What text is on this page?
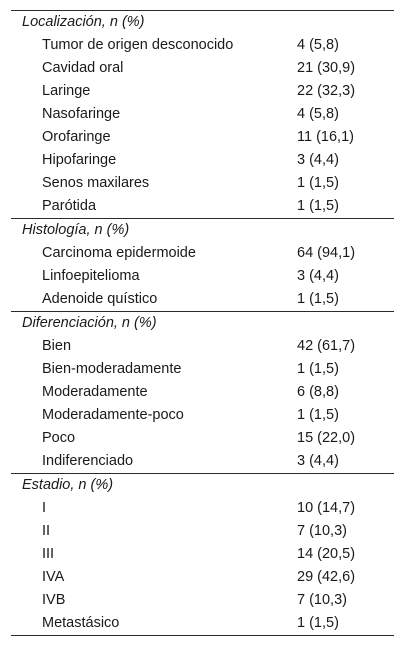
Localización, n (%)
Tumor de origen desconocido	4 (5,8)
Cavidad oral	21 (30,9)
Laringe	22 (32,3)
Nasofaringe	4 (5,8)
Orofaringe	11 (16,1)
Hipofaringe	3 (4,4)
Senos maxilares	1 (1,5)
Parótida	1 (1,5)
Histología, n (%)
Carcinoma epidermoide	64 (94,1)
Linfoepitelioma	3 (4,4)
Adenoide quístico	1 (1,5)
Diferenciación, n (%)
Bien	42 (61,7)
Bien-moderadamente	1 (1,5)
Moderadamente	6 (8,8)
Moderadamente-poco	1 (1,5)
Poco	15 (22,0)
Indiferenciado	3 (4,4)
Estadio, n (%)
I	10 (14,7)
II	7 (10,3)
III	14 (20,5)
IVA	29 (42,6)
IVB	7 (10,3)
Metastásico	1 (1,5)
